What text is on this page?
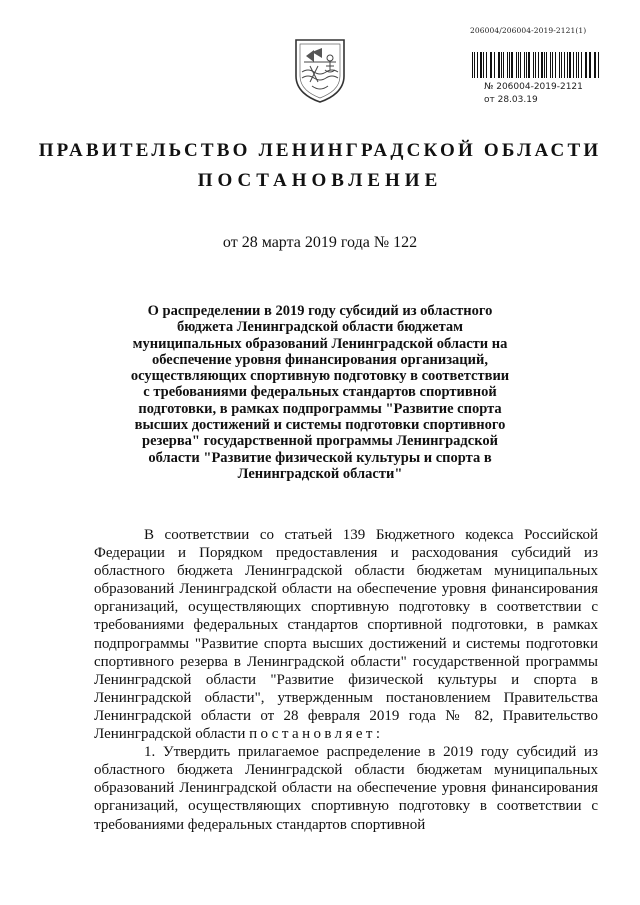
206004/206004-2019-2121(1)
№ 206004-2019-2121
от 28.03.19
ПРАВИТЕЛЬСТВО ЛЕНИНГРАДСКОЙ ОБЛАСТИ
ПОСТАНОВЛЕНИЕ
от 28 марта 2019 года № 122
О распределении в 2019 году субсидий из областного бюджета Ленинградской области бюджетам муниципальных образований Ленинградской области на обеспечение уровня финансирования организаций, осуществляющих спортивную подготовку в соответствии с требованиями федеральных стандартов спортивной подготовки, в рамках подпрограммы "Развитие спорта высших достижений и системы подготовки спортивного резерва" государственной программы Ленинградской области "Развитие физической культуры и спорта в Ленинградской области"

В соответствии со статьей 139 Бюджетного кодекса Российской Федерации и Порядком предоставления и расходования субсидий из областного бюджета Ленинградской области бюджетам муниципальных образований Ленинградской области на обеспечение уровня финансирования организаций, осуществляющих спортивную подготовку в соответствии с требованиями федеральных стандартов спортивной подготовки, в рамках подпрограммы "Развитие спорта высших достижений и системы подготовки спортивного резерва в Ленинградской области" государственной программы Ленинградской области "Развитие физической культуры и спорта в Ленинградской области", утвержденным постановлением Правительства Ленинградской области от 28 февраля 2019 года № 82, Правительство Ленинградской области постановляет:

1. Утвердить прилагаемое распределение в 2019 году субсидий из областного бюджета Ленинградской области бюджетам муниципальных образований Ленинградской области на обеспечение уровня финансирования организаций, осуществляющих спортивную подготовку в соответствии с требованиями федеральных стандартов спортивной
